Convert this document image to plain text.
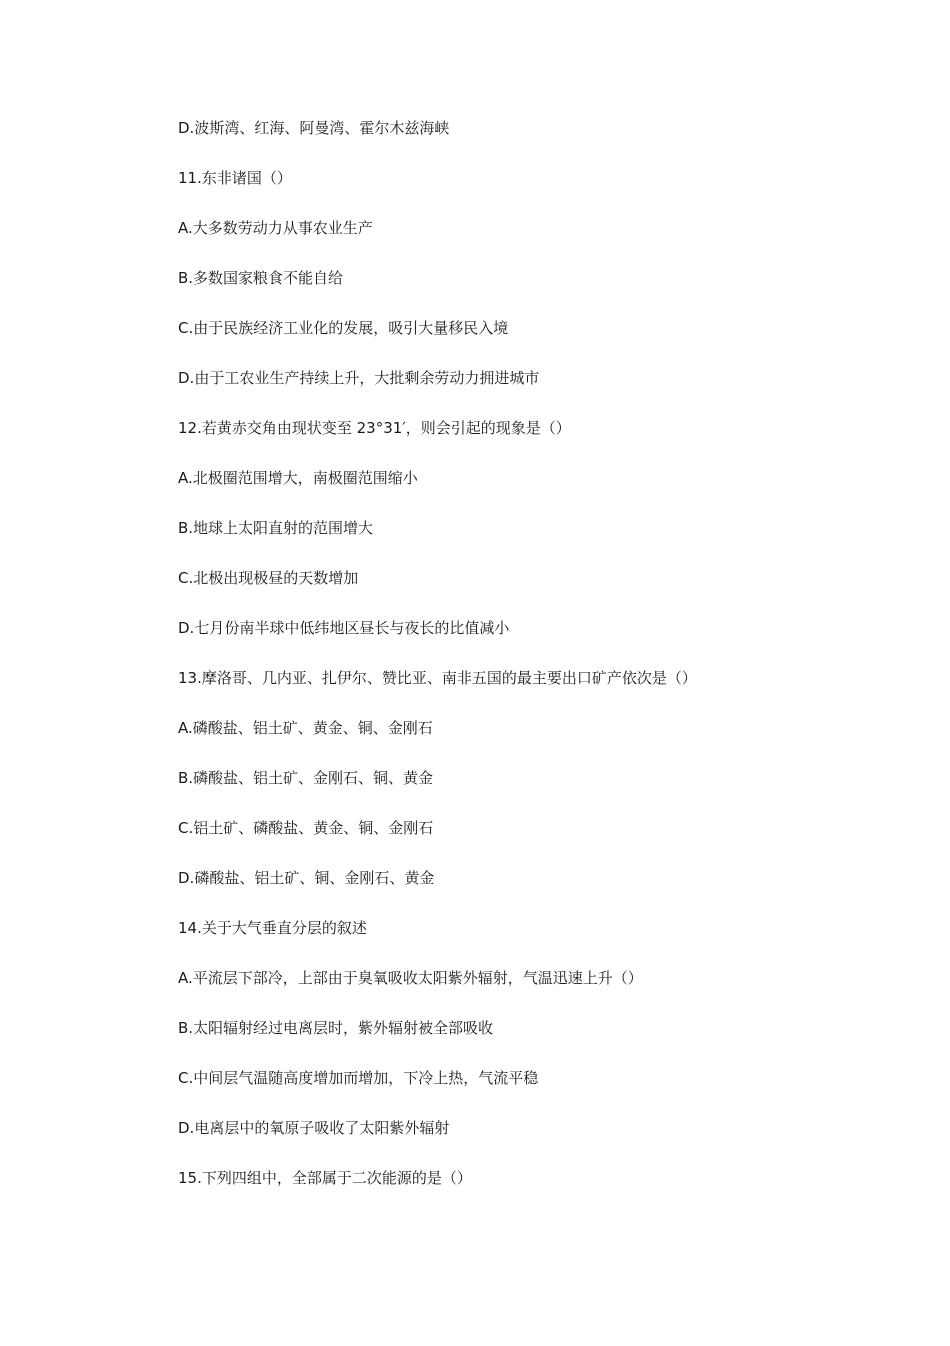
D.波斯湾、红海、阿曼湾、霍尔木兹海峡
11.东非诸国（）
A.大多数劳动力从事农业生产
B.多数国家粮食不能自给
C.由于民族经济工业化的发展，吸引大量移民入境
D.由于工农业生产持续上升，大批剩余劳动力拥进城市
12.若黄赤交角由现状变至 23°31′，则会引起的现象是（）
A.北极圈范围增大，南极圈范围缩小
B.地球上太阳直射的范围增大
C.北极出现极昼的天数增加
D.七月份南半球中低纬地区昼长与夜长的比值减小
13.摩洛哥、几内亚、扎伊尔、赞比亚、南非五国的最主要出口矿产依次是（）
A.磷酸盐、铝土矿、黄金、铜、金刚石
B.磷酸盐、铝土矿、金刚石、铜、黄金
C.铝土矿、磷酸盐、黄金、铜、金刚石
D.磷酸盐、铝土矿、铜、金刚石、黄金
14.关于大气垂直分层的叙述
A.平流层下部冷，上部由于臭氧吸收太阳紫外辐射，气温迅速上升（）
B.太阳辐射经过电离层时，紫外辐射被全部吸收
C.中间层气温随高度增加而增加，下冷上热，气流平稳
D.电离层中的氧原子吸收了太阳紫外辐射
15.下列四组中，全部属于二次能源的是（）
